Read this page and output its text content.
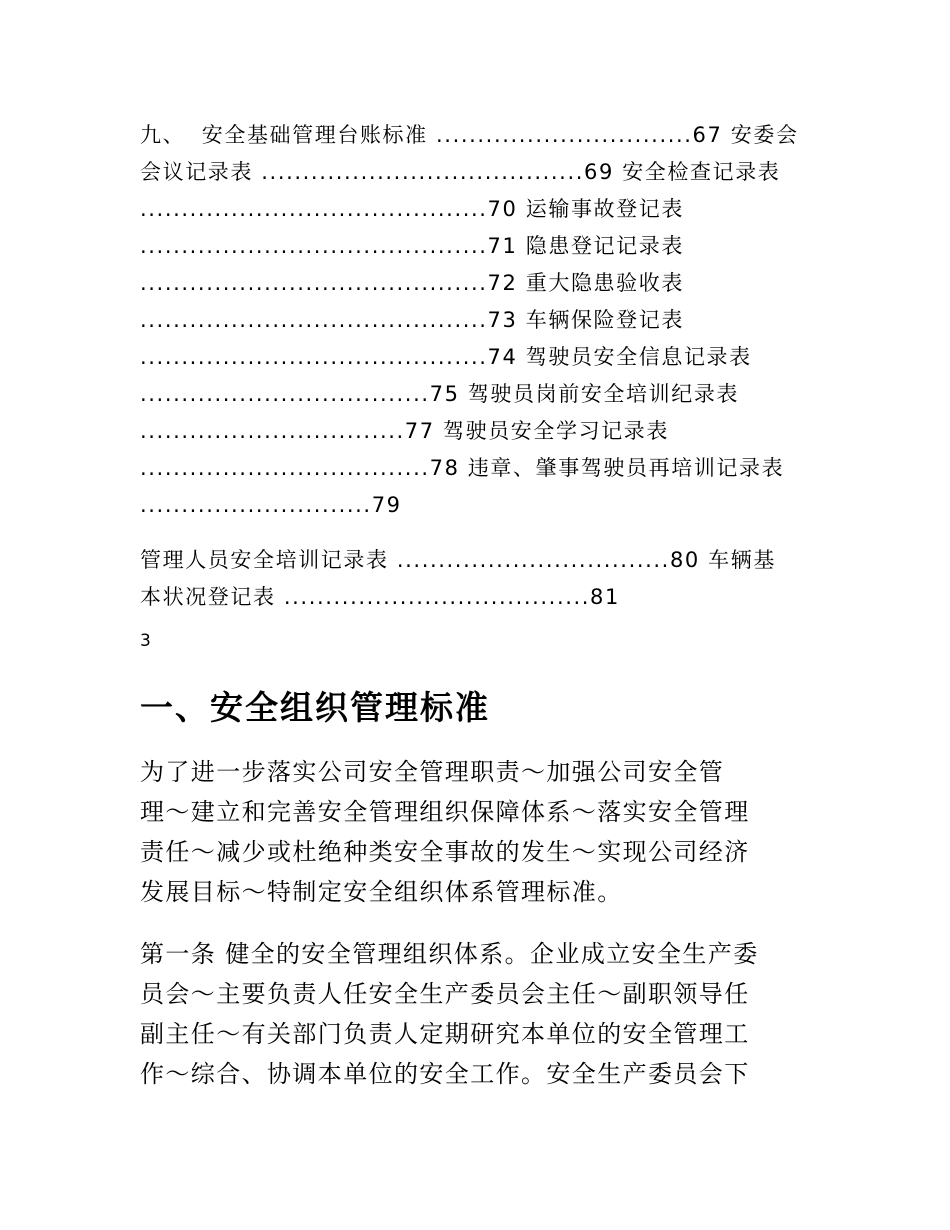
九、  安全基础管理台账标准 ...............................67 安委会
会议记录表 .......................................69 安全检查记录表
..........................................70 运输事故登记表
..........................................71 隐患登记记录表
..........................................72 重大隐患验收表
..........................................73 车辆保险登记表
..........................................74 驾驶员安全信息记录表
...................................75 驾驶员岗前安全培训纪录表
................................77 驾驶员安全学习记录表
...................................78 违章、肇事驾驶员再培训记录表
............................79
管理人员安全培训记录表 .................................80 车辆基
本状况登记表 .....................................81
3
一、安全组织管理标准
为了进一步落实公司安全管理职责～加强公司安全管
理～建立和完善安全管理组织保障体系～落实安全管理
责任～减少或杜绝种类安全事故的发生～实现公司经济
发展目标～特制定安全组织体系管理标准。
第一条 健全的安全管理组织体系。企业成立安全生产委
员会～主要负责人任安全生产委员会主任～副职领导任
副主任～有关部门负责人定期研究本单位的安全管理工
作～综合、协调本单位的安全工作。安全生产委员会下
